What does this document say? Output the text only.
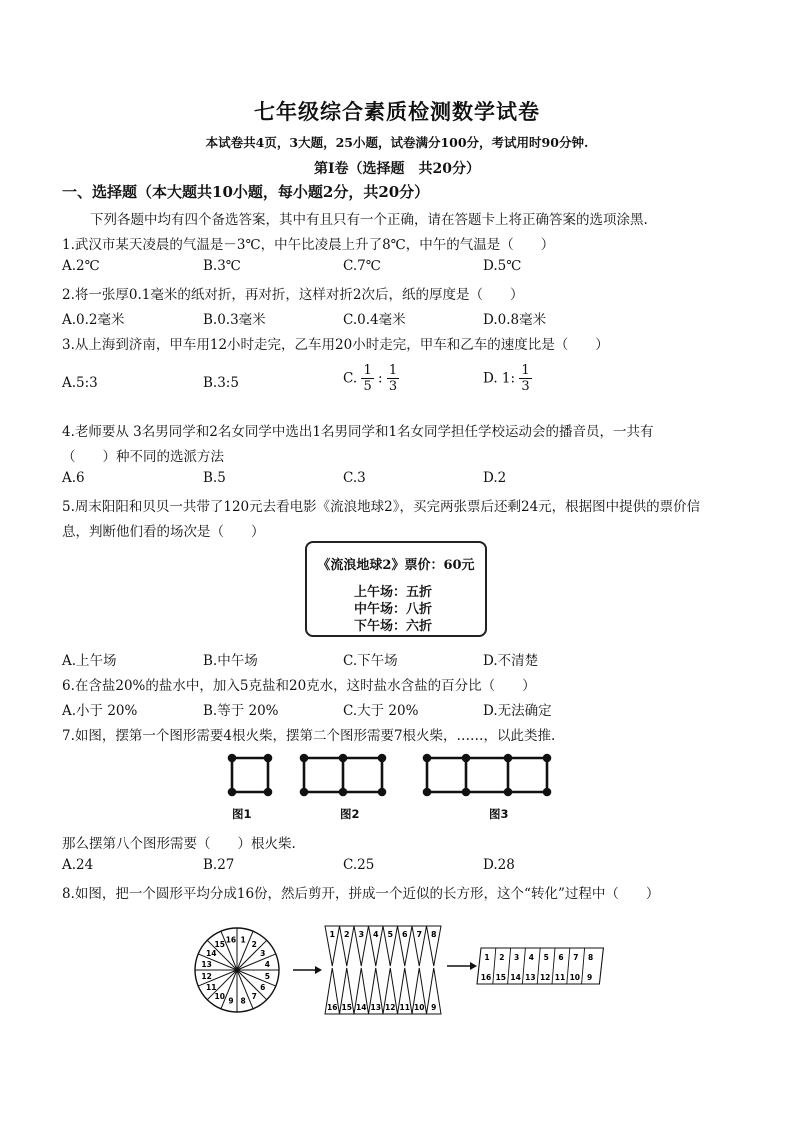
七年级综合素质检测数学试卷
本试卷共4页，3大题，25小题，试卷满分100分，考试用时90分钟.
第Ⅰ卷（选择题　共20分）
一、选择题（本大题共10小题，每小题2分，共20分）
下列各题中均有四个备选答案，其中有且只有一个正确，请在答题卡上将正确答案的选项涂黑.
1.武汉市某天凌晨的气温是－3℃，中午比凌晨上升了8℃，中午的气温是（　　）
A.2℃	B.3℃	C.7℃	D.5℃
2.将一张厚0.1毫米的纸对折，再对折，这样对折2次后，纸的厚度是（　　）
A.0.2毫米	B.0.3毫米	C.0.4毫米	D.0.8毫米
3.从上海到济南，甲车用12小时走完，乙车用20小时走完，甲车和乙车的速度比是（　　）
A.5:3	B.3:5	C. $\frac{1}{5}$ : $\frac{1}{3}$	D. 1: $\frac{1}{3}$
4.老师要从 3名男同学和2名女同学中选出1名男同学和1名女同学担任学校运动会的播音员，一共有
（　　）种不同的选派方法
A.6	B.5	C.3	D.2
5.周末阳阳和贝贝一共带了120元去看电影《流浪地球2》，买完两张票后还剩24元，根据图中提供的票价信
息，判断他们看的场次是（　　）
《流浪地球2》票价：60元
上午场：五折
中午场：八折
下午场：六折
A.上午场	B.中午场	C.下午场	D.不清楚
6.在含盐20%的盐水中，加入5克盐和20克水，这时盐水含盐的百分比（　　）
A.小于 20%	B.等于 20%	C.大于 20%	D.无法确定
7.如图，摆第一个图形需要4根火柴，摆第二个图形需要7根火柴，……，以此类推.
图1	图2	图3
那么摆第八个图形需要（　　）根火柴.
A.24	B.27	C.25	D.28
8.如图，把一个圆形平均分成16份，然后剪开，拼成一个近似的长方形，这个“转化”过程中（　　）
1
2
3
4
5
6
7
8
9
10
11
12
13
14
15
16
1 2 3 4 5 6 7 8
16 15 14 13 12 11 10 9
1 2 3 4 5 6 7 8
16 15 14 13 12 11 10 9
